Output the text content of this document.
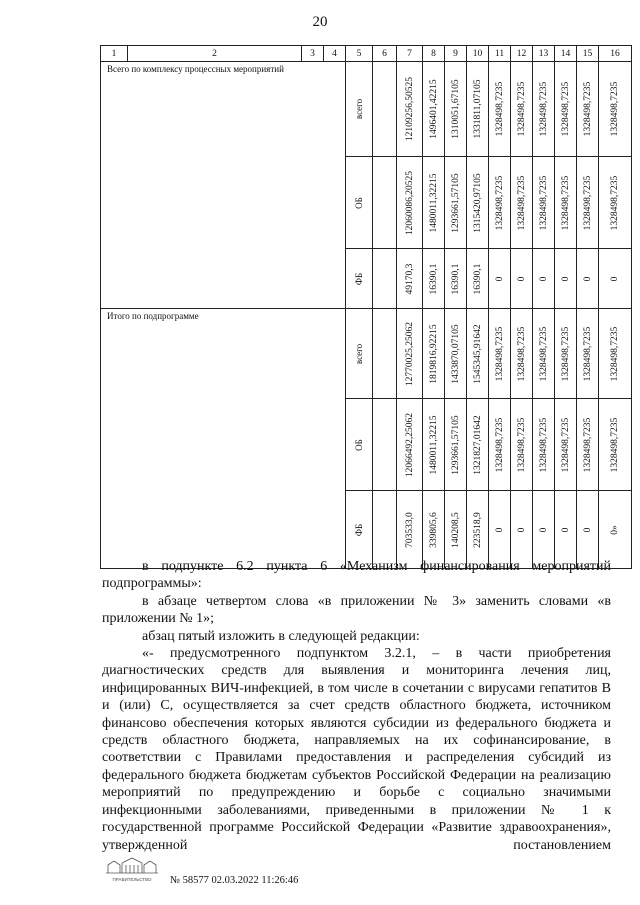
20
1	2	3	4	5	6	7	8	9	10	11	12	13	14	15	16
Всего по комплексу процессных мероприятий				всего		12109256,50525	1496401,42215	1310051,67105	1331811,07105	1328498,7235	1328498,7235	1328498,7235	1328498,7235	1328498,7235	1328498,7235

				ОБ		12060086,20525	1480011,32215	1293661,57105	1315420,97105	1328498,7235	1328498,7235	1328498,7235	1328498,7235	1328498,7235	1328498,7235

				ФБ		49170,3	16390,1	16390,1	16390,1	0	0	0	0	0	0

Итого по подпрограмме				всего		12770025,25062	1819816,92215	1433870,07105	1545345,91642	1328498,7235	1328498,7235	1328498,7235	1328498,7235	1328498,7235	1328498,7235

				ОБ		12066492,25062	1480011,32215	1293661,57105	1321827,01642	1328498,7235	1328498,7235	1328498,7235	1328498,7235	1328498,7235	1328498,7235

				ФБ		703533,0	339805,6	140208,5	223518,9	0	0	0	0	0	0»

в подпункте 6.2 пункта 6 «Механизм финансирования мероприятий подпрограммы»:

в абзаце четвертом слова «в приложении № 3» заменить словами «в приложении № 1»;

абзац пятый изложить в следующей редакции:

«- предусмотренного подпунктом 3.2.1, – в части приобретения диагностических средств для выявления и мониторинга лечения лиц, инфицированных ВИЧ-инфекцией, в том числе в сочетании с вирусами гепатитов B и (или) C, осуществляется за счет средств областного бюджета, источником финансово обеспечения которых являются субсидии из федерального бюджета и средств областного бюджета, направляемых на их софинансирование, в соответствии с Правилами предоставления и распределения субсидий из федерального бюджета бюджетам субъектов Российской Федерации на реализацию мероприятий по предупреждению и борьбе с социально значимыми инфекционными заболеваниями, приведенными в приложении № 1 к государственной программе Российской Федерации «Развитие здравоохранения», утвержденной постановлением

ПРАВИТЕЛЬСТВО № 58577 02.03.2022 11:26:46
